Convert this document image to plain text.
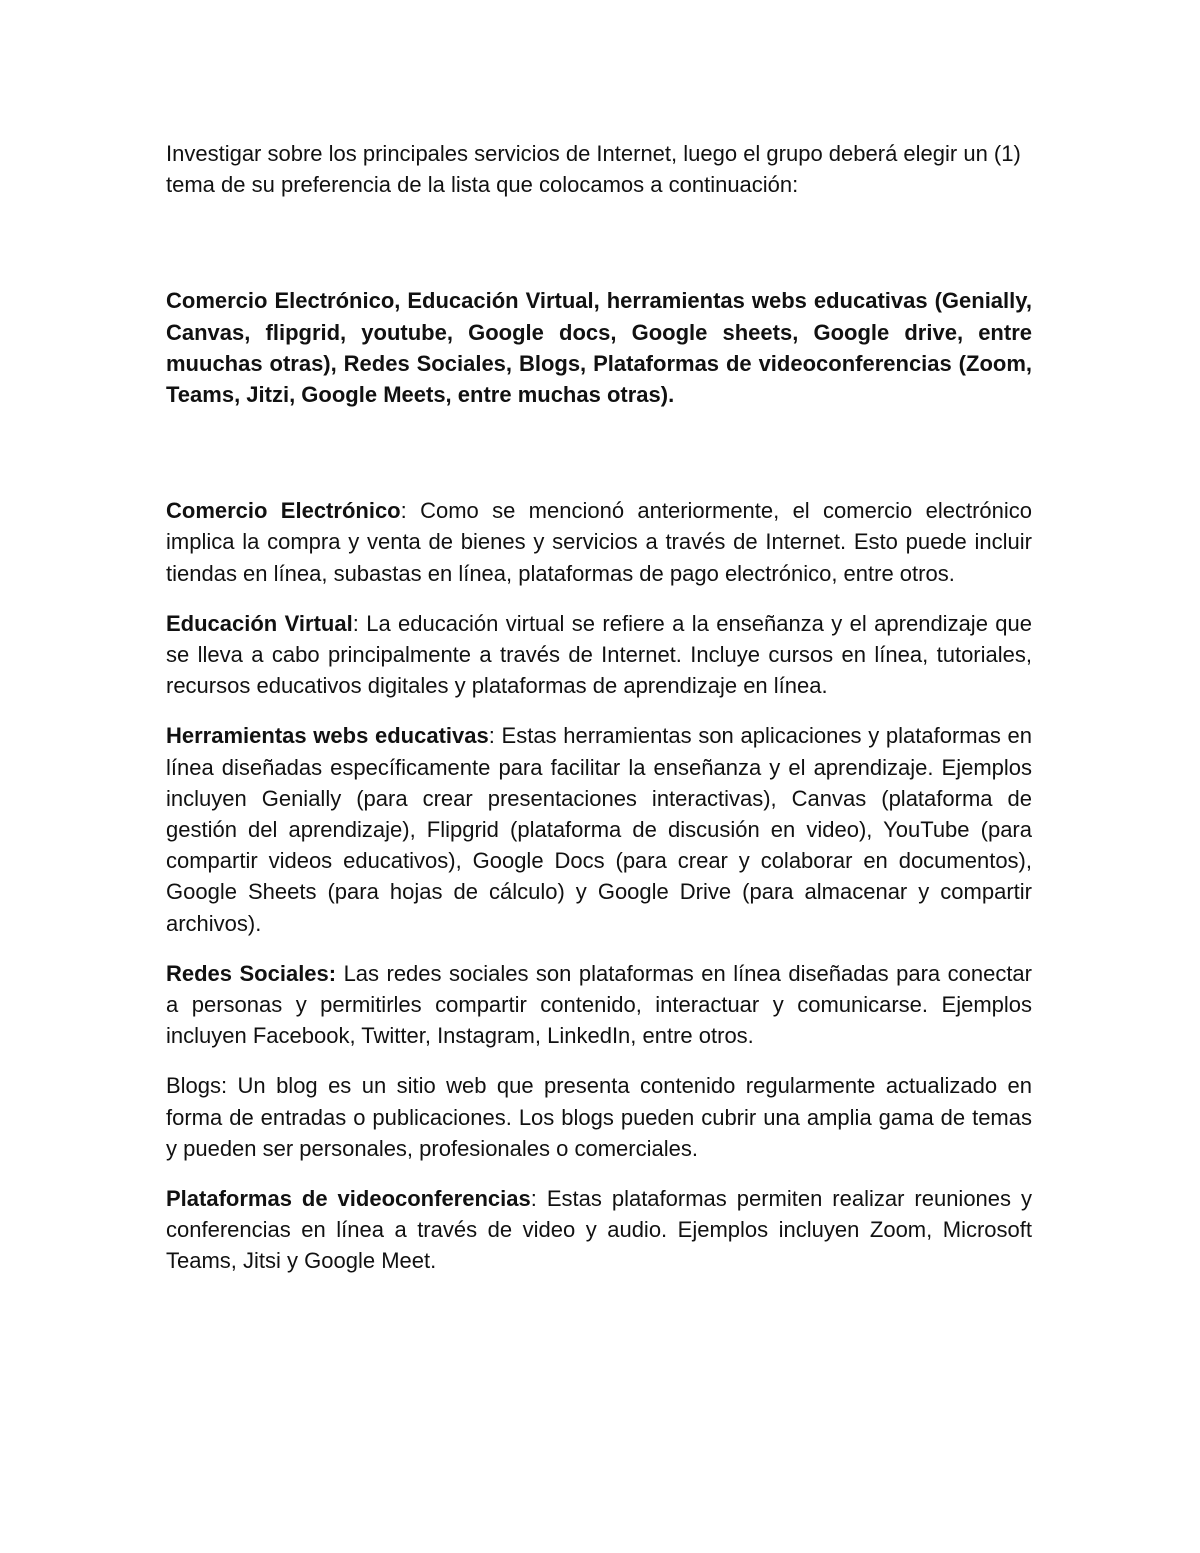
Investigar sobre los principales servicios de Internet, luego el grupo deberá elegir un (1) tema de su preferencia de la lista que colocamos a continuación:

Comercio Electrónico, Educación Virtual, herramientas webs educativas (Genially, Canvas, flipgrid, youtube, Google docs, Google sheets, Google drive, entre muuchas otras), Redes Sociales, Blogs, Plataformas de videoconferencias (Zoom, Teams, Jitzi, Google Meets, entre muchas otras).

Comercio Electrónico: Como se mencionó anteriormente, el comercio electrónico implica la compra y venta de bienes y servicios a través de Internet. Esto puede incluir tiendas en línea, subastas en línea, plataformas de pago electrónico, entre otros.

Educación Virtual: La educación virtual se refiere a la enseñanza y el aprendizaje que se lleva a cabo principalmente a través de Internet. Incluye cursos en línea, tutoriales, recursos educativos digitales y plataformas de aprendizaje en línea.

Herramientas webs educativas: Estas herramientas son aplicaciones y plataformas en línea diseñadas específicamente para facilitar la enseñanza y el aprendizaje. Ejemplos incluyen Genially (para crear presentaciones interactivas), Canvas (plataforma de gestión del aprendizaje), Flipgrid (plataforma de discusión en video), YouTube (para compartir videos educativos), Google Docs (para crear y colaborar en documentos), Google Sheets (para hojas de cálculo) y Google Drive (para almacenar y compartir archivos).

Redes Sociales: Las redes sociales son plataformas en línea diseñadas para conectar a personas y permitirles compartir contenido, interactuar y comunicarse. Ejemplos incluyen Facebook, Twitter, Instagram, LinkedIn, entre otros.

Blogs: Un blog es un sitio web que presenta contenido regularmente actualizado en forma de entradas o publicaciones. Los blogs pueden cubrir una amplia gama de temas y pueden ser personales, profesionales o comerciales.

Plataformas de videoconferencias: Estas plataformas permiten realizar reuniones y conferencias en línea a través de video y audio. Ejemplos incluyen Zoom, Microsoft Teams, Jitsi y Google Meet.
